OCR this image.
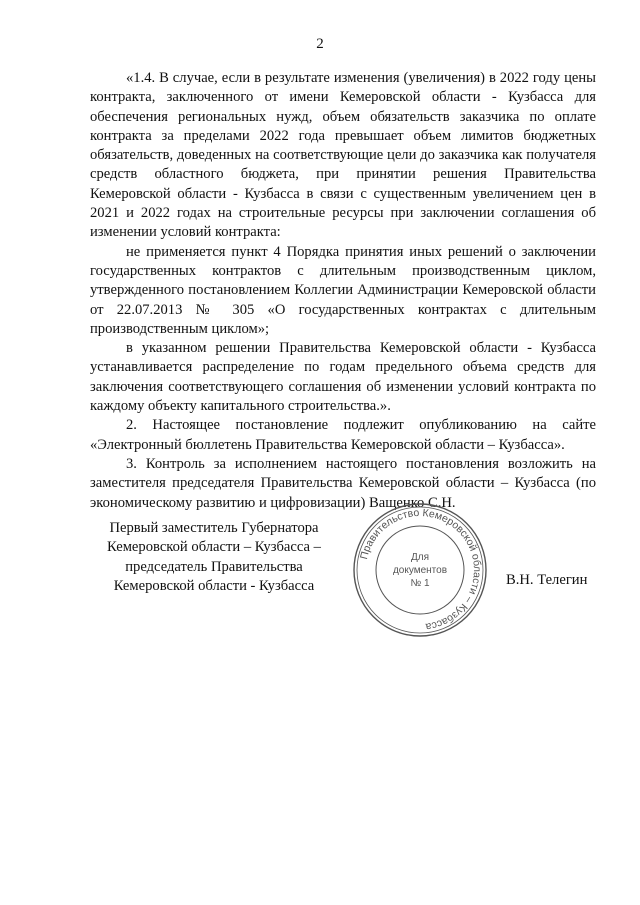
2

«1.4. В случае, если в результате изменения (увеличения) в 2022 году цены контракта, заключенного от имени Кемеровской области - Кузбасса для обеспечения региональных нужд, объем обязательств заказчика по оплате контракта за пределами 2022 года превышает объем лимитов бюджетных обязательств, доведенных на соответствующие цели до заказчика как получателя средств областного бюджета, при принятии решения Правительства Кемеровской области - Кузбасса в связи с существенным увеличением цен в 2021 и 2022 годах на строительные ресурсы при заключении соглашения об изменении условий контракта:

не применяется пункт 4 Порядка принятия иных решений о заключении государственных контрактов с длительным производственным циклом, утвержденного постановлением Коллегии Администрации Кемеровской области от 22.07.2013 № 305 «О государственных контрактах с длительным производственным циклом»;

в указанном решении Правительства Кемеровской области - Кузбасса устанавливается распределение по годам предельного объема средств для заключения соответствующего соглашения об изменении условий контракта по каждому объекту капитального строительства.».

2. Настоящее постановление подлежит опубликованию на сайте «Электронный бюллетень Правительства Кемеровской области – Кузбасса».

3. Контроль за исполнением настоящего постановления возложить на заместителя председателя Правительства Кемеровской области – Кузбасса (по экономическому развитию и цифровизации) Ващенко С.Н.

Первый заместитель Губернатора
Кемеровской области – Кузбасса –
председатель Правительства
Кемеровской области - Кузбасса
Правительство Кемеровской области – Кузбасса
Для
документов
№ 1	В.Н. Телегин
